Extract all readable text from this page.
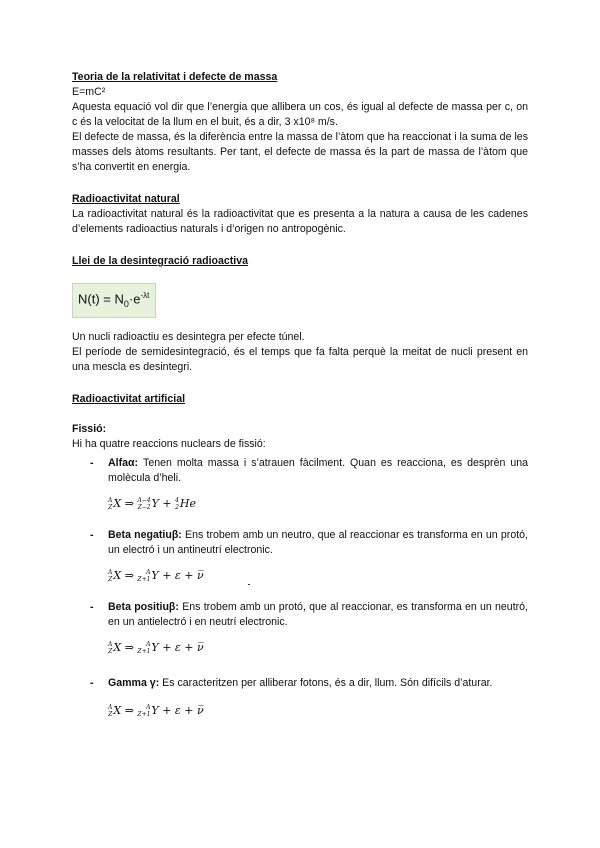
Teoria de la relativitat i defecte de massa

E=mC²

Aquesta equació vol dir que l’energia que allibera un cos, és igual al defecte de massa per c, on c és la velocitat de la llum en el buit, és a dir, 3 x10⁸ m/s.

El defecte de massa, és la diferència entre la massa de l’àtom que ha reaccionat i la suma de les masses dels àtoms resultants. Per tant, el defecte de massa és la part de massa de l’àtom que s’ha convertit en energia.

Radioactivitat natural

La radioactivitat natural és la radioactivitat que es presenta a la natura a causa de les cadenes d’elements radioactius naturals i d’origen no antropogènic.

Llei de la desintegració radioactiva

$N(t) = N_0\cdot e^{-\lambda t}$

Un nucli radioactiu es desintegra per efecte túnel.

El període de semidesintegració, és el temps que fa falta perquè la meitat de nucli present en una mescla es desintegri.

Radioactivitat artificial

Fissió:

Hi ha quatre reaccions nuclears de fissió:

- Alfaα: Tenen molta massa i s’atrauen fàcilment. Quan es reacciona, es desprèn una molècula d’heli.
A
Z X ⇒ A−4
Z−2 Y + 4
2 He
- Beta negatiuβ: Ens trobem amb un neutro, que al reaccionar es transforma en un protó, un electró i un antineutrí electronic.
A
Z X ⇒	A
Z+1 Y + ε + ν̅
- Beta positiuβ: Ens trobem amb un protó, que al reaccionar, es transforma en un neutró, en un antielectró i en neutrí electronic.
A
Z X ⇒	A
Z+1 Y + ε + ν̅
- Gamma γ: Es caracteritzen per alliberar fotons, és a dir, llum. Són difícils d’aturar.
A
Z X ⇒	A
Z+1 Y + ε + ν̅
